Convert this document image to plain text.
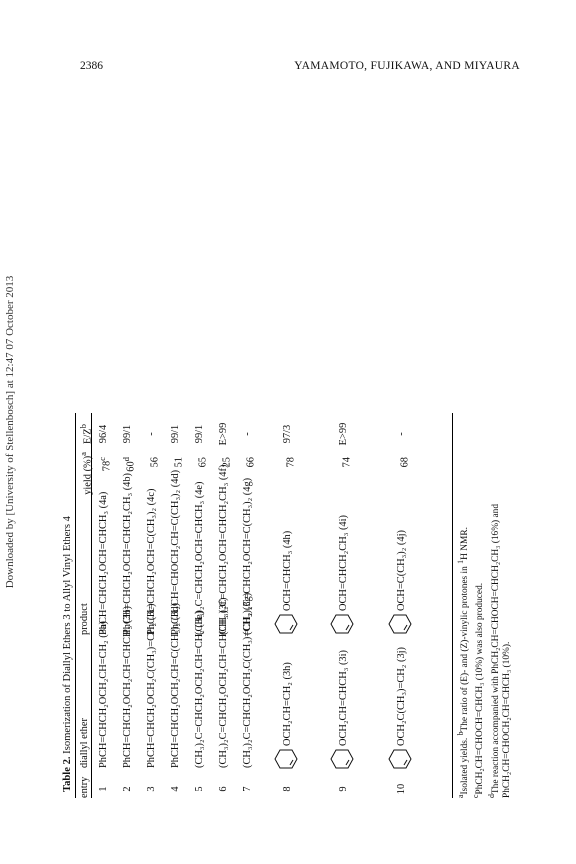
2386	YAMAMOTO, FUJIKAWA, AND MIYAURA
Downloaded by [University of Stellenbosch] at 12:47 07 October 2013
Table 2. Isomerization of Diallyl Ethers 3 to Allyl Vinyl Ethers 4
entry
diallyl ether
product
yield (%)$^a$
$E/Z^b$
1
PhCH=CHCH₂OCH₂CH=CH₂ (3a)
PhCH=CHCH₂OCH=CHCH₃ (4a)
78$^c$
96/4
2
PhCH=CHCH₂OCH₂CH=CHCH₃ (3b)
PhCH=CHCH₂OCH=CHCH₂CH₃ (4b)
60$^d$
99/1
3
PhCH=CHCH₂OCH₂C(CH₃)=CH₂ (3c)
PhCH=CHCH₂OCH=C(CH₃)₂ (4c)
56
-
4
PhCH=CHCH₂OCH₂CH=C(CH₃)₂ (3d)
PhCH₂CH=CHOCH₂CH=C(CH₃)₂ (4d)
51
99/1
5
(CH₃)₂C=CHCH₂OCH₂CH=CH₂ (3e)
(CH₃)₂C=CHCH₂OCH=CHCH₃ (4e)
65
99/1
6
(CH₃)₂C=CHCH₂OCH₂CH=CHCH₃ (3f)
(CH₃)₂C=CHCH₂OCH=CHCH₂CH₃ (4f)
25
E>99
7
(CH₃)₂C=CHCH₂OCH₂C(CH₃)=CH₂ (3g)
(CH₃)₂C=CHCH₂OCH=C(CH₃)₂ (4g)
66
-
8
OCH₂CH=CH₂ (3h)
OCH=CHCH₃ (4h)
78
97/3
9
OCH₂CH=CHCH₃ (3i)
OCH=CHCH₂CH₃ (4i)
74
E>99
10
OCH₂C(CH₃)=CH₂ (3j)
OCH=C(CH₃)₂ (4j)
68
-
$^a$Isolated yields. $^b$The ratio of (E)- and (Z)-vinylic protones in $^1$H NMR. $^c$PhCH₂CH=CHOCH=CHCH₃ (10%) was also produced.
$^d$The reaction accompanied with PhCH₂CH=CHOCH=CHCH₂CH₃ (16%) and PhCH₂CH=CHOCH₂CH=CHCH₃ (10%).
